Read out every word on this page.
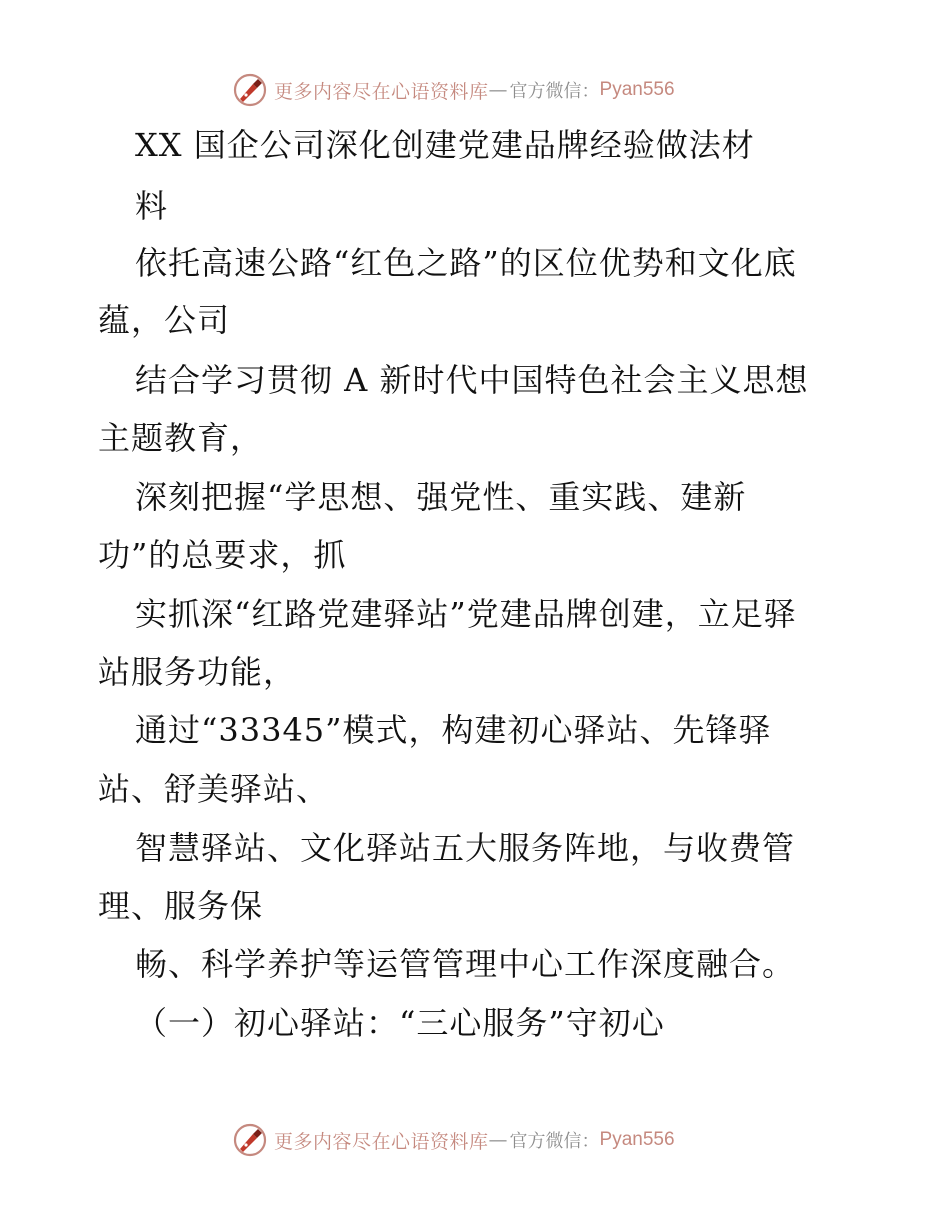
更多内容尽在心语资料库 — 官方微信： Pyan556
XX 国企公司深化创建党建品牌经验做法材
料
依托高速公路“红色之路”的区位优势和文化底
蕴，公司
结合学习贯彻 A 新时代中国特色社会主义思想
主题教育，
深刻把握“学思想、强党性、重实践、建新
功”的总要求，抓
实抓深“红路党建驿站”党建品牌创建，立足驿
站服务功能，
通过“33345”模式，构建初心驿站、先锋驿
站、舒美驿站、
智慧驿站、文化驿站五大服务阵地，与收费管
理、服务保
畅、科学养护等运管管理中心工作深度融合。
（一）初心驿站：“三心服务”守初心
更多内容尽在心语资料库 — 官方微信： Pyan556
